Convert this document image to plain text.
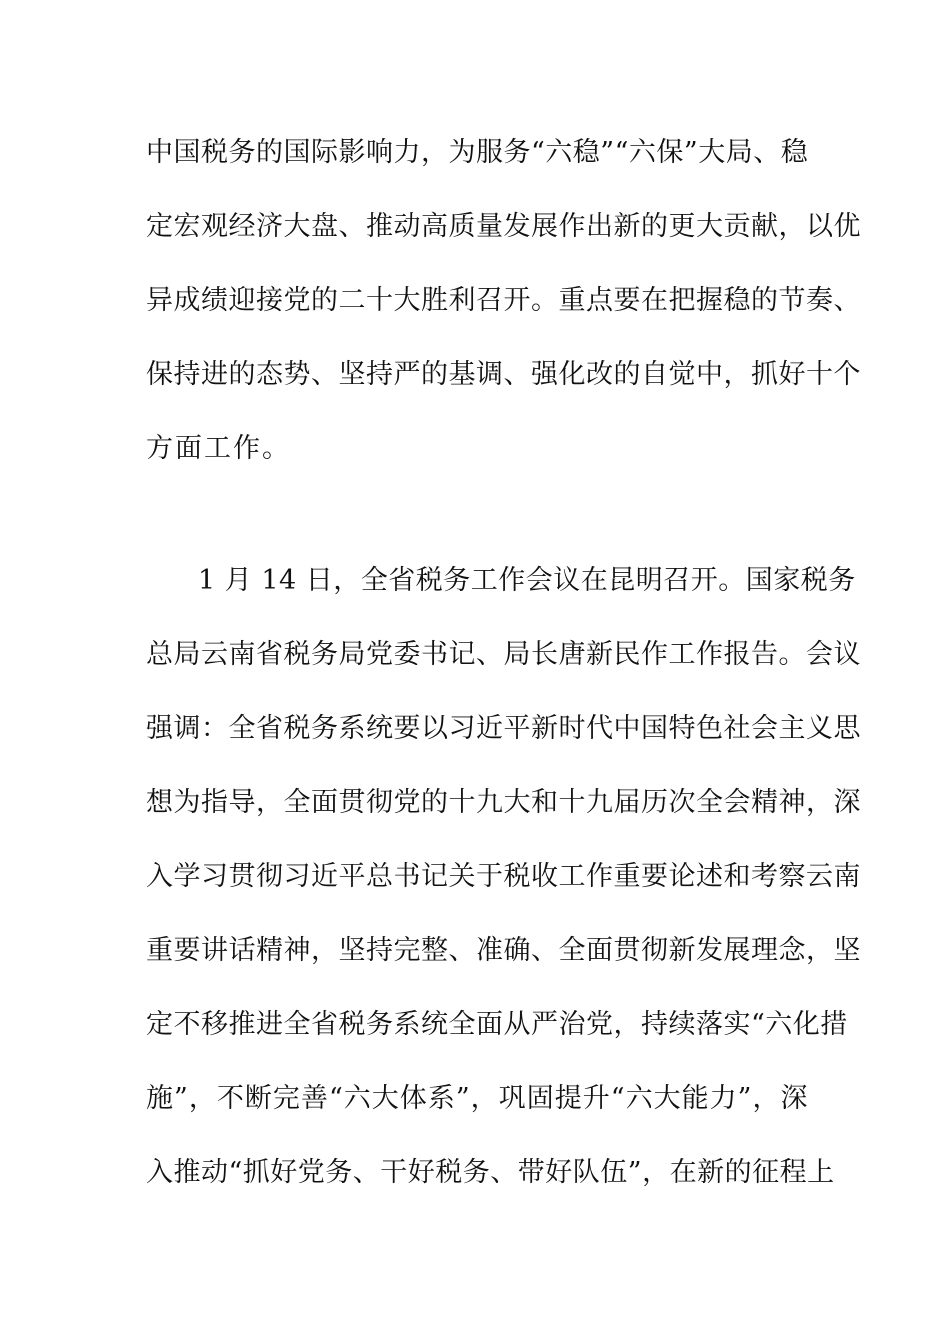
中国税务的国际影响力，为服务“六稳”“六保”大局、稳
定宏观经济大盘、推动高质量发展作出新的更大贡献，以优
异成绩迎接党的二十大胜利召开。重点要在把握稳的节奏、
保持进的态势、坚持严的基调、强化改的自觉中，抓好十个
方面工作。
1 月 14 日，全省税务工作会议在昆明召开。国家税务
总局云南省税务局党委书记、局长唐新民作工作报告。会议
强调：全省税务系统要以习近平新时代中国特色社会主义思
想为指导，全面贯彻党的十九大和十九届历次全会精神，深
入学习贯彻习近平总书记关于税收工作重要论述和考察云南
重要讲话精神，坚持完整、准确、全面贯彻新发展理念，坚
定不移推进全省税务系统全面从严治党，持续落实“六化措
施”，不断完善“六大体系”，巩固提升“六大能力”，深
入推动“抓好党务、干好税务、带好队伍”，在新的征程上
